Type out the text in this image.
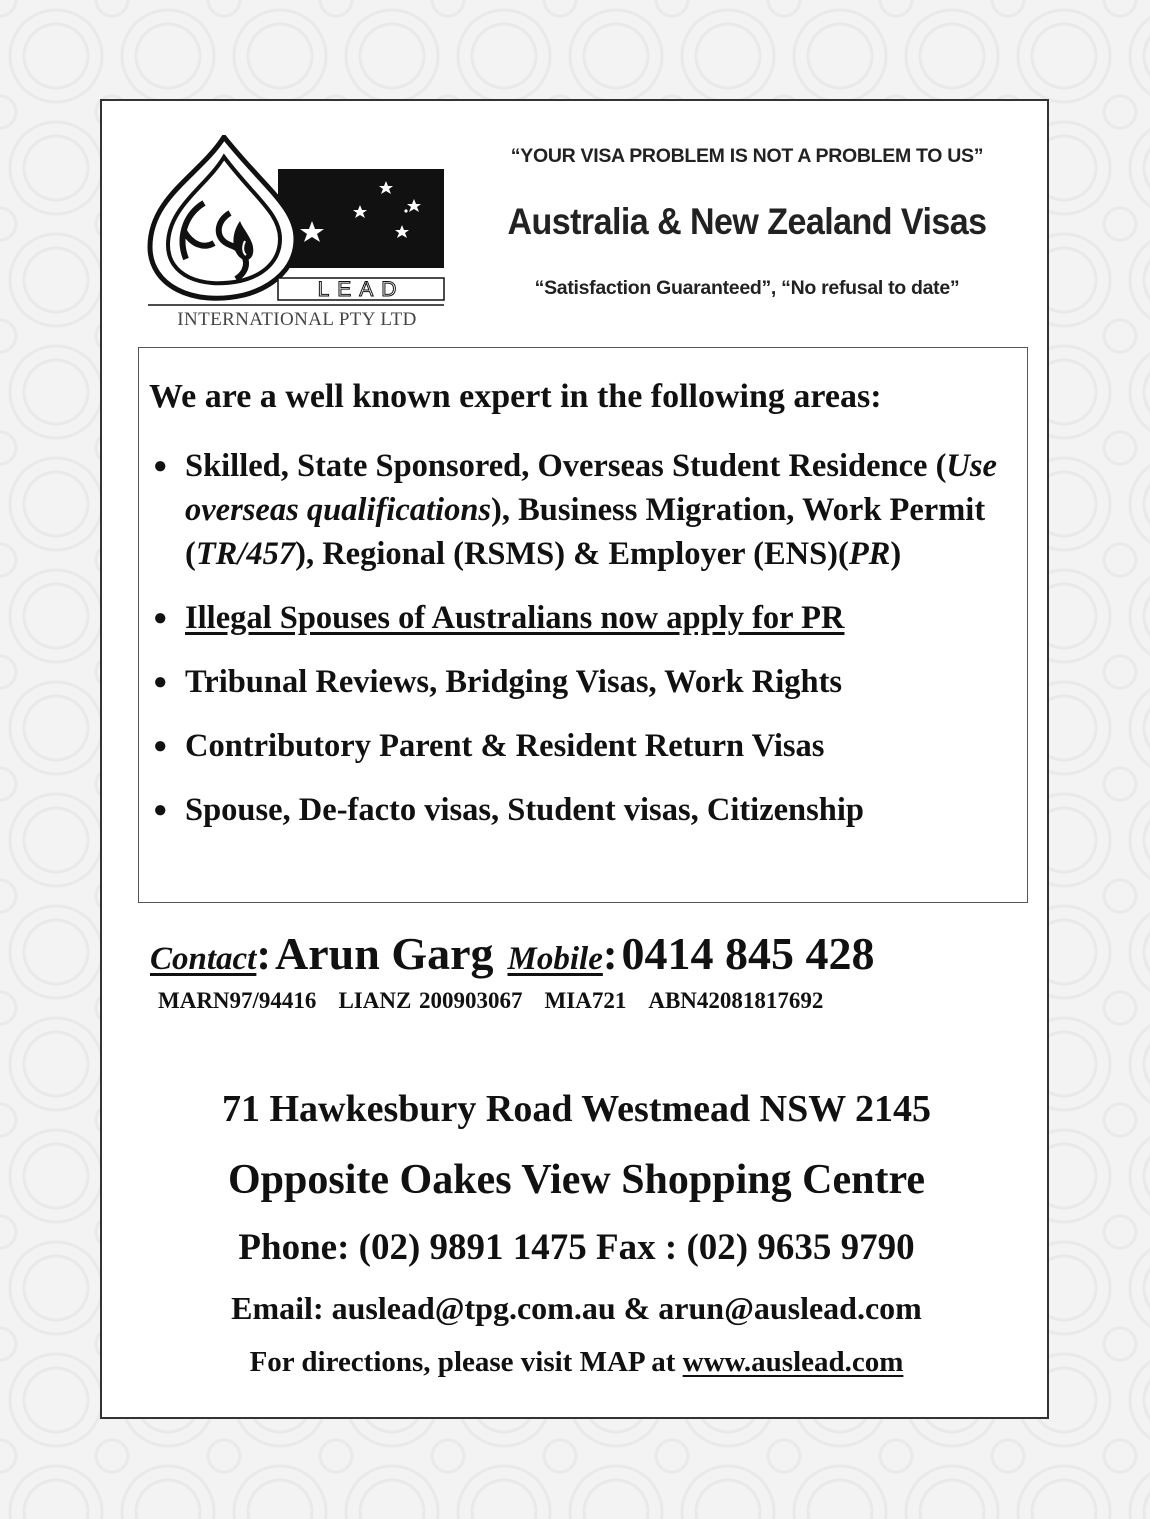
LEAD
INTERNATIONAL PTY LTD
“YOUR VISA PROBLEM IS NOT A PROBLEM TO US”
Australia & New Zealand Visas
“Satisfaction Guaranteed”, “No refusal to date”
We are a well known expert in the following areas:
● Skilled, State Sponsored, Overseas Student Residence (Use overseas qualifications), Business Migration, Work Permit (TR/457), Regional (RSMS) & Employer (ENS)(PR)
● Illegal Spouses of Australians now apply for PR
● Tribunal Reviews, Bridging Visas, Work Rights
● Contributory Parent & Resident Return Visas
● Spouse, De-facto visas, Student visas, Citizenship
Contact: Arun Garg Mobile: 0414 845 428
MARN97/94416 LIANZ 200903067 MIA721 ABN42081817692
71 Hawkesbury Road Westmead NSW 2145
Opposite Oakes View Shopping Centre
Phone: (02) 9891 1475 Fax : (02) 9635 9790
Email: auslead@tpg.com.au & arun@auslead.com
For directions, please visit MAP at www.auslead.com
